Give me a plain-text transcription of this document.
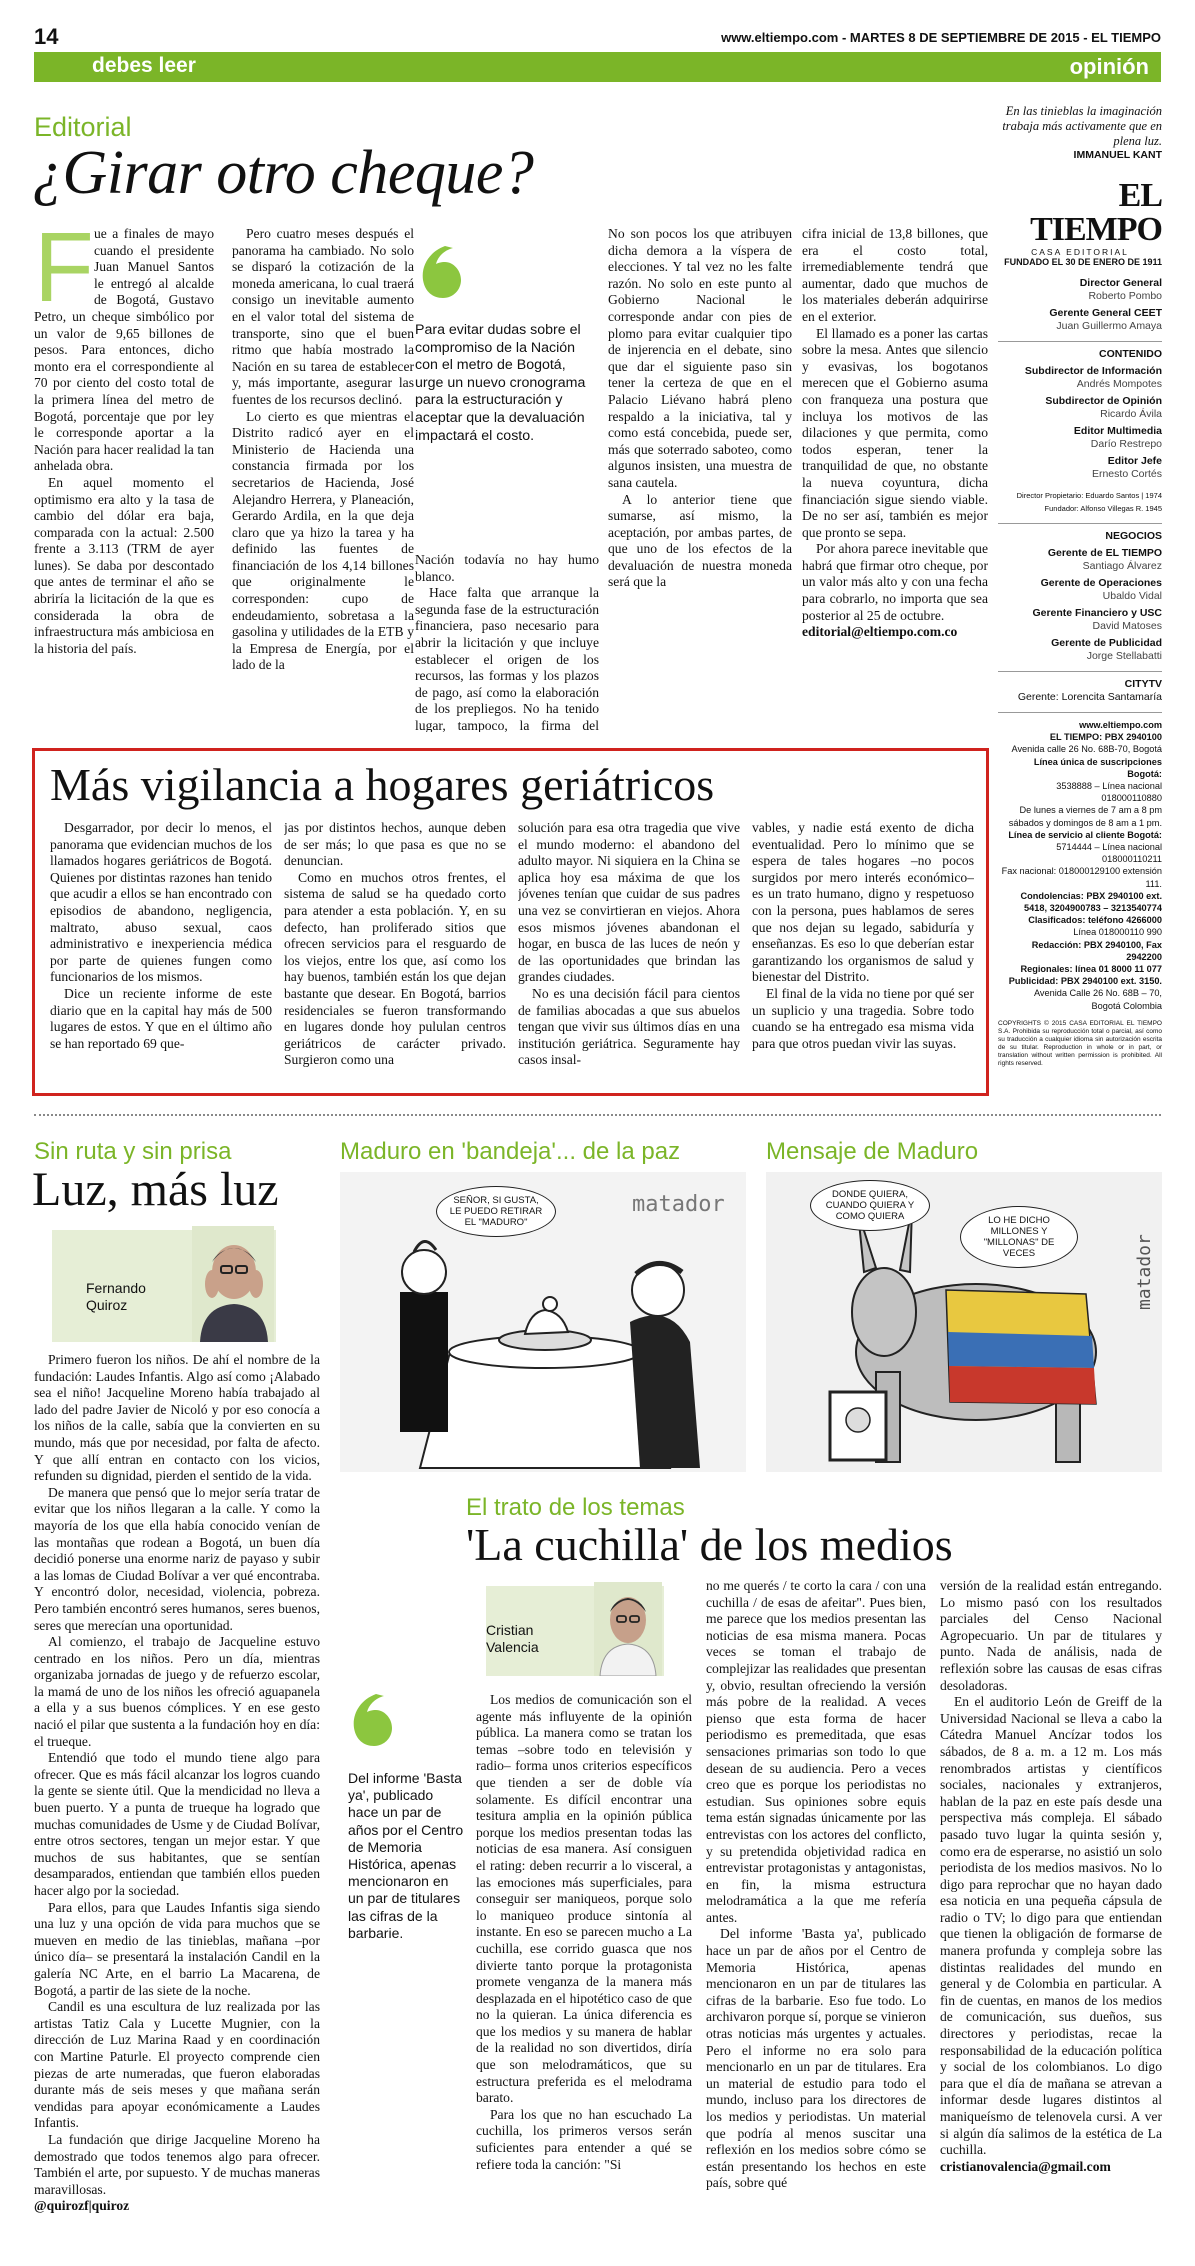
14	www.eltiempo.com - MARTES 8 DE SEPTIEMBRE DE 2015 - EL TIEMPO
debes leer	opinión
Editorial
¿Girar otro cheque?
F ue a finales de mayo cuando el presidente Juan Manuel Santos le entregó al alcalde de Bogotá, Gustavo Petro, un cheque simbólico por un valor de 9,65 billones de pesos. Para entonces, dicho monto era el correspondiente al 70 por ciento del costo total de la primera línea del metro de Bogotá, porcentaje que por ley le corresponde aportar a la Nación para hacer realidad la tan anhelada obra.

En aquel momento el optimismo era alto y la tasa de cambio del dólar era baja, comparada con la actual: 2.500 frente a 3.113 (TRM de ayer lunes). Se daba por descontado que antes de terminar el año se abriría la licitación de la que es considerada la obra de infraestructura más ambiciosa en la historia del país.

Pero cuatro meses después el panorama ha cambiado. No solo se disparó la cotización de la moneda americana, lo cual traerá consigo un inevitable aumento en el valor total del sistema de transporte, sino que el buen ritmo que había mostrado la Nación en su tarea de establecer y, más importante, asegurar las fuentes de los recursos declinó.

Lo cierto es que mientras el Distrito radicó ayer en el Ministerio de Hacienda una constancia firmada por los secretarios de Hacienda, José Alejandro Herrera, y Planeación, Gerardo Ardila, en la que deja claro que ya hizo la tarea y ha definido las fuentes de financiación de los 4,14 billones que originalmente le corresponden: cupo de endeudamiento, sobretasa a la gasolina y utilidades de la ETB y la Empresa de Energía, por el lado de la

Para evitar dudas sobre el compromiso de la Nación con el metro de Bogotá, urge un nuevo cronograma para la estructuración y aceptar que la devaluación impactará el costo.

Nación todavía no hay humo blanco.

Hace falta que arranque la segunda fase de la estructuración financiera, paso necesario para abrir la licitación y que incluye establecer el origen de los recursos, las formas y los plazos de pago, así como la elaboración de los prepliegos. No ha tenido lugar, tampoco, la firma del

No son pocos los que atribuyen dicha demora a la víspera de elecciones. Y tal vez no les falte razón. No solo en este punto al Gobierno Nacional le corresponde andar con pies de plomo para evitar cualquier tipo de injerencia en el debate, sino que dar el siguiente paso sin tener la certeza de que en el Palacio Liévano habrá pleno respaldo a la iniciativa, tal y como está concebida, puede ser, más que soterrado saboteo, como algunos insisten, una muestra de sana cautela.

A lo anterior tiene que sumarse, así mismo, la aceptación, por ambas partes, de que uno de los efectos de la devaluación de nuestra moneda será que la

cifra inicial de 13,8 billones, que era el costo total, irremediablemente tendrá que aumentar, dado que muchos de los materiales deberán adquirirse en el exterior.

El llamado es a poner las cartas sobre la mesa. Antes que silencio y evasivas, los bogotanos merecen que el Gobierno asuma con franqueza una postura que incluya los motivos de las dilaciones y que permita, como todos esperan, tener la tranquilidad de que, no obstante la nueva coyuntura, dicha financiación sigue siendo viable. De no ser así, también es mejor que pronto se sepa.

Por ahora parece inevitable que habrá que firmar otro cheque, por un valor más alto y con una fecha para cobrarlo, no importa que sea posterior al 25 de octubre.

editorial@eltiempo.com.co

En las tinieblas la imaginación trabaja más activamente que en plena luz.
IMMANUEL KANT
EL TIEMPO
CASA EDITORIAL
FUNDADO EL 30 DE ENERO DE 1911
Director General
Roberto Pombo
Gerente General CEET
Juan Guillermo Amaya
CONTENIDO
Subdirector de Información
Andrés Mompotes
Subdirector de Opinión
Ricardo Ávila
Editor Multimedia
Darío Restrepo
Editor Jefe
Ernesto Cortés
Director Propietario: Eduardo Santos | 1974
Fundador: Alfonso Villegas R. 1945
NEGOCIOS
Gerente de EL TIEMPO
Santiago Álvarez
Gerente de Operaciones
Ubaldo Vidal
Gerente Financiero y USC
David Matoses
Gerente de Publicidad
Jorge Stellabatti
CITYTV
Gerente: Lorencita Santamaría
www.eltiempo.com
EL TIEMPO: PBX 2940100
Avenida calle 26 No. 68B-70, Bogotá
Línea única de suscripciones Bogotá:
3538888 – Línea nacional 018000110880
De lunes a viernes de 7 am a 8 pm sábados y domingos de 8 am a 1 pm.
Línea de servicio al cliente Bogotá:
5714444 – Línea nacional 018000110211
Fax nacional: 018000129100 extensión 111.
Condolencias: PBX 2940100 ext. 5418, 3204900783 – 3213540774
Clasificados: teléfono 4266000
Línea 018000110 990
Redacción: PBX 2940100, Fax 2942200
Regionales: línea 01 8000 11 077
Publicidad: PBX 2940100 ext. 3150.
Avenida Calle 26 No. 68B – 70,
Bogotá Colombia
COPYRIGHTS © 2015 CASA EDITORIAL EL TIEMPO S.A. Prohibida su reproducción total o parcial, así como su traducción a cualquier idioma sin autorización escrita de su titular. Reproduction in whole or in part, or translation without written permission is prohibited. All rights reserved.
Más vigilancia a hogares geriátricos

Desgarrador, por decir lo menos, el panorama que evidencian muchos de los llamados hogares geriátricos de Bogotá. Quienes por distintas razones han tenido que acudir a ellos se han encontrado con episodios de abandono, negligencia, maltrato, abuso sexual, caos administrativo e inexperiencia médica por parte de quienes fungen como funcionarios de los mismos.

Dice un reciente informe de este diario que en la capital hay más de 500 lugares de estos. Y que en el último año se han reportado 69 que-

jas por distintos hechos, aunque deben de ser más; lo que pasa es que no se denuncian.

Como en muchos otros frentes, el sistema de salud se ha quedado corto para atender a esta población. Y, en su defecto, han proliferado sitios que ofrecen servicios para el resguardo de los viejos, entre los que, así como los hay buenos, también están los que dejan bastante que desear. En Bogotá, barrios residenciales se fueron transformando en lugares donde hoy pululan centros geriátricos de carácter privado. Surgieron como una

solución para esa otra tragedia que vive el mundo moderno: el abandono del adulto mayor. Ni siquiera en la China se aplica hoy esa máxima de que los jóvenes tenían que cuidar de sus padres una vez se convirtieran en viejos. Ahora esos mismos jóvenes abandonan el hogar, en busca de las luces de neón y de las oportunidades que brindan las grandes ciudades.

No es una decisión fácil para cientos de familias abocadas a que sus abuelos tengan que vivir sus últimos días en una institución geriátrica. Seguramente hay casos insal-

vables, y nadie está exento de dicha eventualidad. Pero lo mínimo que se espera de tales hogares –no pocos surgidos por mero interés económico– es un trato humano, digno y respetuoso con la persona, pues hablamos de seres que nos dejan su legado, sabiduría y enseñanzas. Es eso lo que deberían estar garantizando los organismos de salud y bienestar del Distrito.

El final de la vida no tiene por qué ser un suplicio y una tragedia. Sobre todo cuando se ha entregado esa misma vida para que otros puedan vivir las suyas.

Sin ruta y sin prisa
Luz, más luz
Fernando
Quiroz

Primero fueron los niños. De ahí el nombre de la fundación: Laudes Infantis. Algo así como ¡Alabado sea el niño! Jacqueline Moreno había trabajado al lado del padre Javier de Nicoló y por eso conocía a los niños de la calle, sabía que la convierten en su mundo, más que por necesidad, por falta de afecto. Y que allí entran en contacto con los vicios, refunden su dignidad, pierden el sentido de la vida.

De manera que pensó que lo mejor sería tratar de evitar que los niños llegaran a la calle. Y como la mayoría de los que ella había conocido venían de las montañas que rodean a Bogotá, un buen día decidió ponerse una enorme nariz de payaso y subir a las lomas de Ciudad Bolívar a ver qué encontraba. Y encontró dolor, necesidad, violencia, pobreza. Pero también encontró seres humanos, seres buenos, seres que merecían una oportunidad.

Al comienzo, el trabajo de Jacqueline estuvo centrado en los niños. Pero un día, mientras organizaba jornadas de juego y de refuerzo escolar, la mamá de uno de los niños les ofreció aguapanela a ella y a sus buenos cómplices. Y en ese gesto nació el pilar que sustenta a la fundación hoy en día: el trueque.

Entendió que todo el mundo tiene algo para ofrecer. Que es más fácil alcanzar los logros cuando la gente se siente útil. Que la mendicidad no lleva a buen puerto. Y a punta de trueque ha logrado que muchas comunidades de Usme y de Ciudad Bolívar, entre otros sectores, tengan un mejor estar. Y que muchos de sus habitantes, que se sentían desamparados, entiendan que también ellos pueden hacer algo por la sociedad.

Para ellos, para que Laudes Infantis siga siendo una luz y una opción de vida para muchos que se mueven en medio de las tinieblas, mañana –por único día– se presentará la instalación Candil en la galería NC Arte, en el barrio La Macarena, de Bogotá, a partir de las siete de la noche.

Candil es una escultura de luz realizada por las artistas Tatiz Cala y Lucette Mugnier, con la dirección de Luz Marina Raad y en coordinación con Martine Paturle. El proyecto comprende cien piezas de arte numeradas, que fueron elaboradas durante más de seis meses y que mañana serán vendidas para apoyar económicamente a Laudes Infantis.

La fundación que dirige Jacqueline Moreno ha demostrado que todos tenemos algo para ofrecer. También el arte, por supuesto. Y de muchas maneras maravillosas.

@quirozf|quiroz

Maduro en 'bandeja'... de la paz
SEÑOR, SI GUSTA, LE PUEDO RETIRAR EL "MADURO"
matador
Mensaje de Maduro
DONDE QUIERA, CUANDO QUIERA Y COMO QUIERA	LO HE DICHO MILLONES Y "MILLONAS" DE VECES	matador
El trato de los temas
'La cuchilla' de los medios
Cristian
Valencia
Del informe 'Basta ya', publicado hace un par de años por el Centro de Memoria Histórica, apenas mencionaron en un par de titulares las cifras de la barbarie.

Los medios de comunicación son el agente más influyente de la opinión pública. La manera como se tratan los temas –sobre todo en televisión y radio– forma unos criterios específicos que tienden a ser de doble vía solamente. Es difícil encontrar una tesitura amplia en la opinión pública porque los medios presentan todas las noticias de esa manera. Así consiguen el rating: deben recurrir a lo visceral, a las emociones más superficiales, para conseguir ser maniqueos, porque solo lo maniqueo produce sintonía al instante. En eso se parecen mucho a La cuchilla, ese corrido guasca que nos divierte tanto porque la protagonista promete venganza de la manera más desplazada en el hipotético caso de que no la quieran. La única diferencia es que los medios y su manera de hablar de la realidad no son divertidos, diría que son melodramáticos, que su estructura preferida es el melodrama barato.

Para los que no han escuchado La cuchilla, los primeros versos serán suficientes para entender a qué se refiere toda la canción: "Si

no me querés / te corto la cara / con una cuchilla / de esas de afeitar". Pues bien, me parece que los medios presentan las noticias de esa misma manera. Pocas veces se toman el trabajo de complejizar las realidades que presentan y, obvio, resultan ofreciendo la versión más pobre de la realidad. A veces pienso que esta forma de hacer periodismo es premeditada, que esas sensaciones primarias son todo lo que desean de su audiencia. Pero a veces creo que es porque los periodistas no estudian. Sus opiniones sobre equis tema están signadas únicamente por las entrevistas con los actores del conflicto, y su pretendida objetividad radica en entrevistar protagonistas y antagonistas, en fin, la misma estructura melodramática a la que me refería antes.

Del informe 'Basta ya', publicado hace un par de años por el Centro de Memoria Histórica, apenas mencionaron en un par de titulares las cifras de la barbarie. Eso fue todo. Lo archivaron porque sí, porque se vinieron otras noticias más urgentes y actuales. Pero el informe no era solo para mencionarlo en un par de titulares. Era un material de estudio para todo el mundo, incluso para los directores de los medios y periodistas. Un material que podría al menos suscitar una reflexión en los medios sobre cómo se están presentando los hechos en este país, sobre qué

versión de la realidad están entregando. Lo mismo pasó con los resultados parciales del Censo Nacional Agropecuario. Un par de titulares y punto. Nada de análisis, nada de reflexión sobre las causas de esas cifras desoladoras.

En el auditorio León de Greiff de la Universidad Nacional se lleva a cabo la Cátedra Manuel Ancízar todos los sábados, de 8 a. m. a 12 m. Los más renombrados artistas y científicos sociales, nacionales y extranjeros, hablan de la paz en este país desde una perspectiva más compleja. El sábado pasado tuvo lugar la quinta sesión y, como era de esperarse, no asistió un solo periodista de los medios masivos. No lo digo para reprochar que no hayan dado esa noticia en una pequeña cápsula de radio o TV; lo digo para que entiendan que tienen la obligación de formarse de manera profunda y compleja sobre las distintas realidades del mundo en general y de Colombia en particular. A fin de cuentas, en manos de los medios de comunicación, sus dueños, sus directores y periodistas, recae la responsabilidad de la educación política y social de los colombianos. Lo digo para que el día de mañana se atrevan a informar desde lugares distintos al maniqueísmo de telenovela cursi. A ver si algún día salimos de la estética de La cuchilla.

cristianovalencia@gmail.com
